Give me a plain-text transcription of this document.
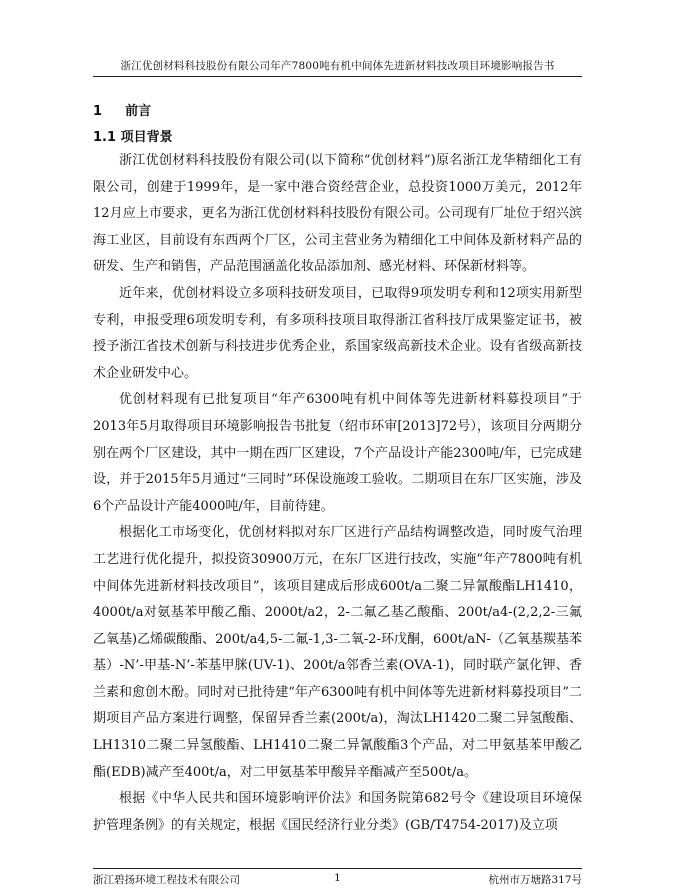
浙江优创材料科技股份有限公司年产7800吨有机中间体先进新材料技改项目环境影响报告书
1 前言
1.1 项目背景

浙江优创材料科技股份有限公司(以下简称“优创材料”)原名浙江龙华精细化工有限公司，创建于1999年，是一家中港合资经营企业，总投资1000万美元，2012年12月应上市要求，更名为浙江优创材料科技股份有限公司。公司现有厂址位于绍兴滨海工业区，目前设有东西两个厂区，公司主营业务为精细化工中间体及新材料产品的研发、生产和销售，产品范围涵盖化妆品添加剂、感光材料、环保新材料等。

近年来，优创材料设立多项科技研发项目，已取得9项发明专利和12项实用新型专利，申报受理6项发明专利，有多项科技项目取得浙江省科技厅成果鉴定证书，被授予浙江省技术创新与科技进步优秀企业，系国家级高新技术企业。设有省级高新技术企业研发中心。

优创材料现有已批复项目“年产6300吨有机中间体等先进新材料募投项目”于2013年5月取得项目环境影响报告书批复（绍市环审[2013]72号），该项目分两期分别在两个厂区建设，其中一期在西厂区建设，7个产品设计产能2300吨/年，已完成建设，并于2015年5月通过“三同时”环保设施竣工验收。二期项目在东厂区实施，涉及6个产品设计产能4000吨/年，目前待建。

根据化工市场变化，优创材料拟对东厂区进行产品结构调整改造，同时废气治理工艺进行优化提升，拟投资30900万元，在东厂区进行技改，实施“年产7800吨有机中间体先进新材料技改项目”，该项目建成后形成600t/a二聚二异氰酸酯LH1410，4000t/a对氨基苯甲酸乙酯、2000t/a2，2-二氟乙基乙酸酯、200t/a4-(2,2,2-三氟乙氧基)乙烯碳酸酯、200t/a4,5-二氟-1,3-二氧-2-环戊酮，600t/aN-（乙氧基羰基苯基）-N’-甲基-N’-苯基甲脒(UV-1)、200t/a邻香兰素(OVA-1)，同时联产氯化钾、香兰素和愈创木酚。同时对已批待建“年产6300吨有机中间体等先进新材料募投项目”二期项目产品方案进行调整，保留异香兰素(200t/a)，淘汰LH1420二聚二异氢酸酯、LH1310二聚二异氢酸酯、LH1410二聚二异氰酸酯3个产品，对二甲氨基苯甲酸乙酯(EDB)减产至400t/a，对二甲氨基苯甲酸异辛酯减产至500t/a。

根据《中华人民共和国环境影响评价法》和国务院第682号令《建设项目环境保护管理条例》的有关规定，根据《国民经济行业分类》(GB/T4754-2017)及立项

浙江碧扬环境工程技术有限公司	1	杭州市万塘路317号
